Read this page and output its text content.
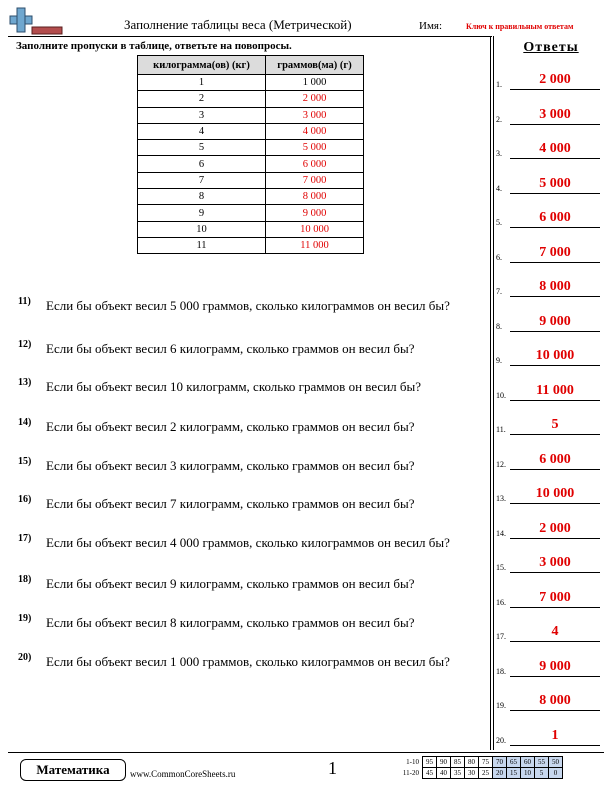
Заполнение таблицы веса (Метрической)	Имя:	Ключ к правильным ответам
Заполните пропуски в таблице, ответьте на повопросы.
килограмма(ов) (кг)	граммов(ма) (г)
1	1 000
2	2 000
3	3 000
4	4 000
5	5 000
6	6 000
7	7 000
8	8 000
9	9 000
10	10 000
11	11 000
11) Если бы объект весил 5 000 граммов, сколько килограммов он весил бы?
12) Если бы объект весил 6 килограмм, сколько граммов он весил бы?
13) Если бы объект весил 10 килограмм, сколько граммов он весил бы?
14) Если бы объект весил 2 килограмм, сколько граммов он весил бы?
15) Если бы объект весил 3 килограмм, сколько граммов он весил бы?
16) Если бы объект весил 7 килограмм, сколько граммов он весил бы?
17) Если бы объект весил 4 000 граммов, сколько килограммов он весил бы?
18) Если бы объект весил 9 килограмм, сколько граммов он весил бы?
19) Если бы объект весил 8 килограмм, сколько граммов он весил бы?
20) Если бы объект весил 1 000 граммов, сколько килограммов он весил бы?
Ответы
1.	2 000
2.	3 000
3.	4 000
4.	5 000
5.	6 000
6.	7 000
7.	8 000
8.	9 000
9.	10 000
10.	11 000
11.	5
12.	6 000
13.	10 000
14.	2 000
15.	3 000
16.	7 000
17.	4
18.	9 000
19.	8 000
20.	1
Математика	www.CommonCoreSheets.ru	1	1-10	95	90	85	80	75	70	65	60	55	50
11-20	45	40	35	30	25	20	15	10	5	0
